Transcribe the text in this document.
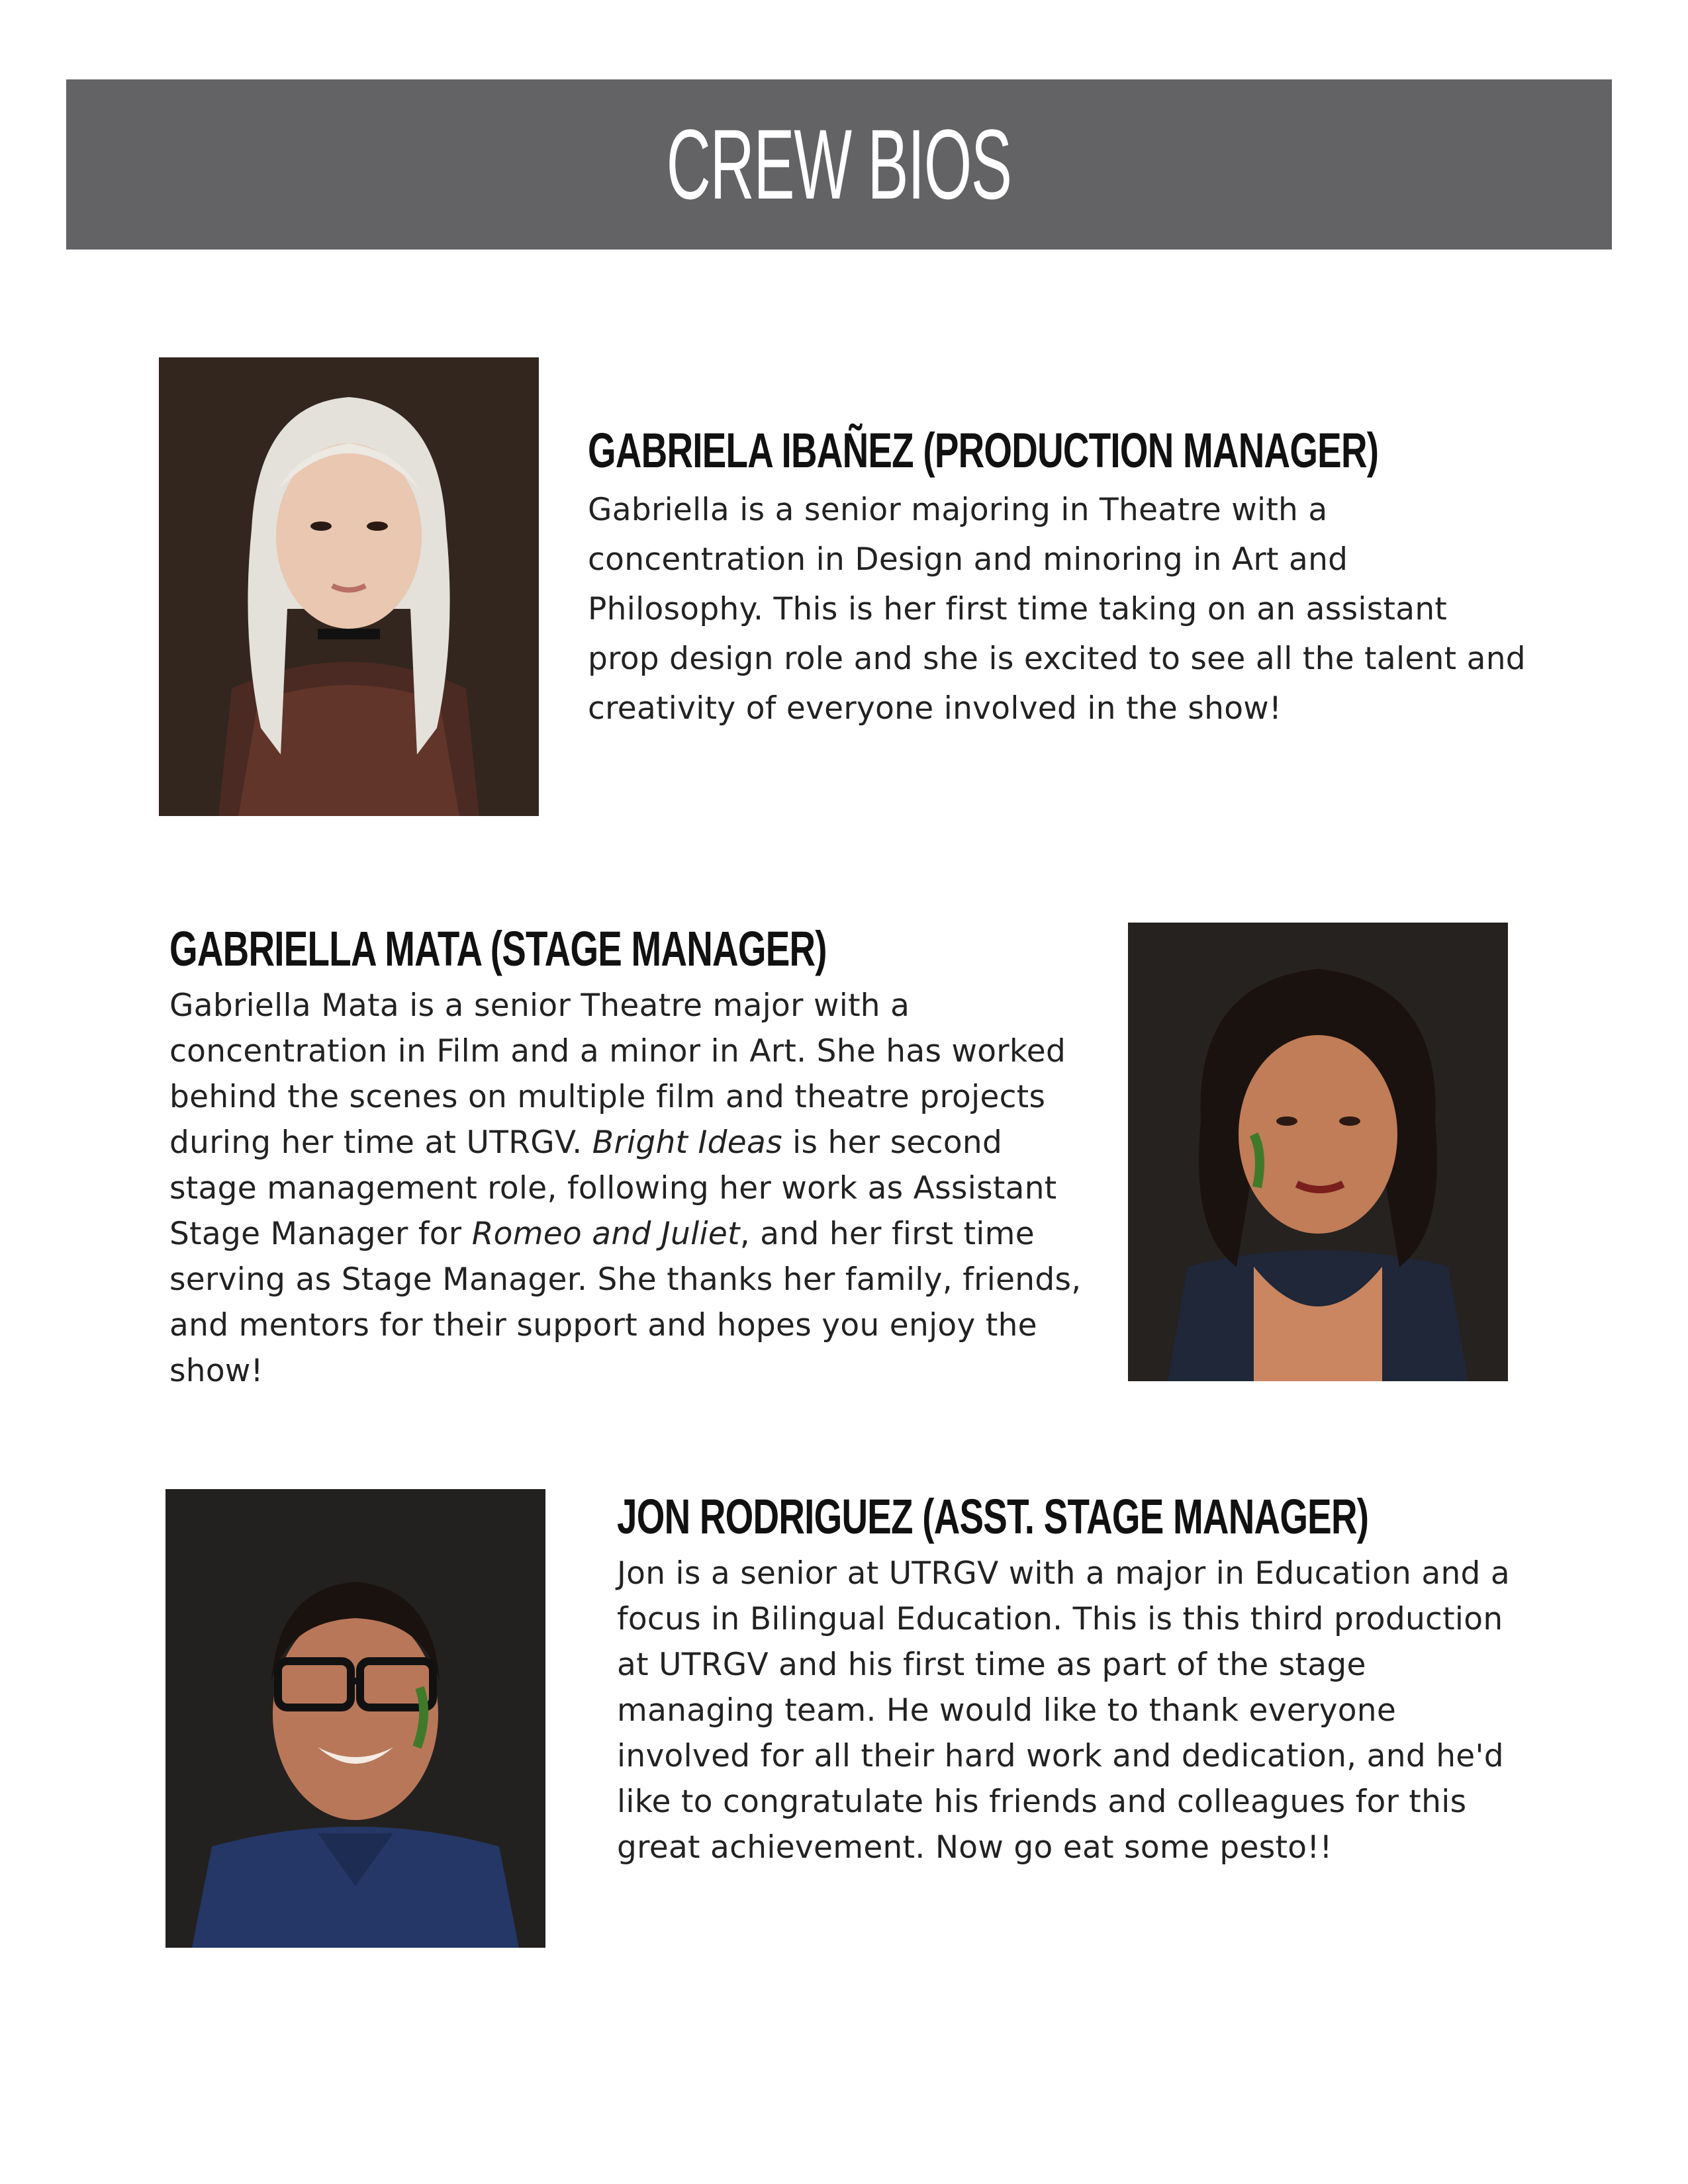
CREW BIOS
GABRIELA IBAÑEZ (PRODUCTION MANAGER)

Gabriella is a senior majoring in Theatre with a concentration in Design and minoring in Art and Philosophy. This is her first time taking on an assistant prop design role and she is excited to see all the talent and creativity of everyone involved in the show!

GABRIELLA MATA (STAGE MANAGER)

Gabriella Mata is a senior Theatre major with a concentration in Film and a minor in Art. She has worked behind the scenes on multiple film and theatre projects during her time at UTRGV. Bright Ideas is her second stage management role, following her work as Assistant Stage Manager for Romeo and Juliet, and her first time serving as Stage Manager. She thanks her family, friends, and mentors for their support and hopes you enjoy the show!

JON RODRIGUEZ (ASST. STAGE MANAGER)

Jon is a senior at UTRGV with a major in Education and a focus in Bilingual Education. This is this third production at UTRGV and his first time as part of the stage managing team. He would like to thank everyone involved for all their hard work and dedication, and he'd like to congratulate his friends and colleagues for this great achievement. Now go eat some pesto!!
